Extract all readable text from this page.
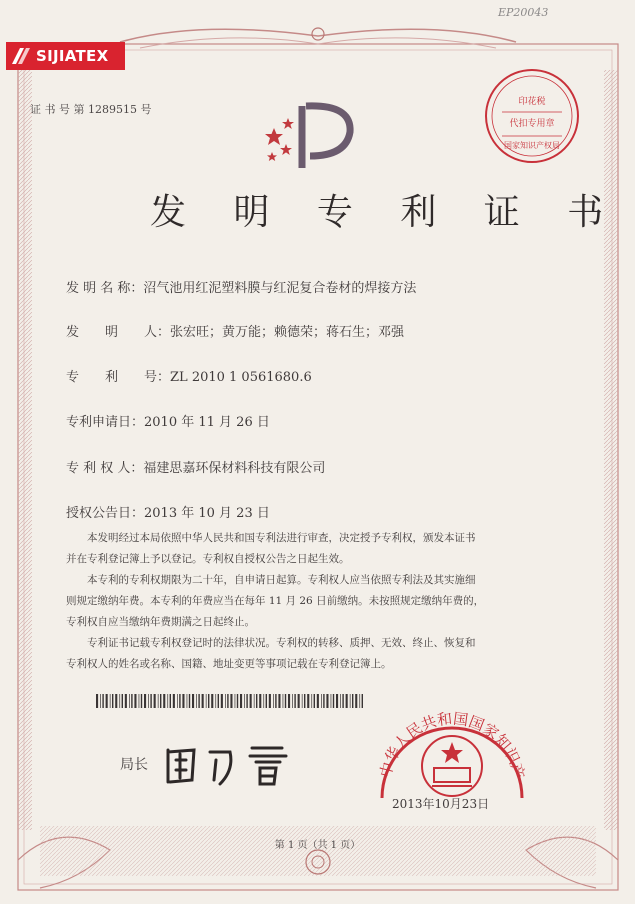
SIJIATEX
EP20043
证 书 号 第 1289515 号
印花税
代扣专用章
国家知识产权局
发 明 专 利 证 书
发 明 名 称：沼气池用红泥塑料膜与红泥复合卷材的焊接方法
发　　明　　人：张宏旺；黄万能；赖德荣；蒋石生；邓强
专　　利　　号：ZL 2010 1 0561680.6
专利申请日：2010 年 11 月 26 日
专 利 权 人：福建思嘉环保材料科技有限公司
授权公告日：2013 年 10 月 23 日
本发明经过本局依照中华人民共和国专利法进行审查，决定授予专利权，颁发本证书
并在专利登记簿上予以登记。专利权自授权公告之日起生效。
本专利的专利权期限为二十年，自申请日起算。专利权人应当依照专利法及其实施细
则规定缴纳年费。本专利的年费应当在每年 11 月 26 日前缴纳。未按照规定缴纳年费的，
专利权自应当缴纳年费期满之日起终止。
专利证书记载专利权登记时的法律状况。专利权的转移、质押、无效、终止、恢复和
专利权人的姓名或名称、国籍、地址变更等事项记载在专利登记簿上。
局长	中华人民共和国国家知识产
2013年10月23日
第 1 页（共 1 页）
